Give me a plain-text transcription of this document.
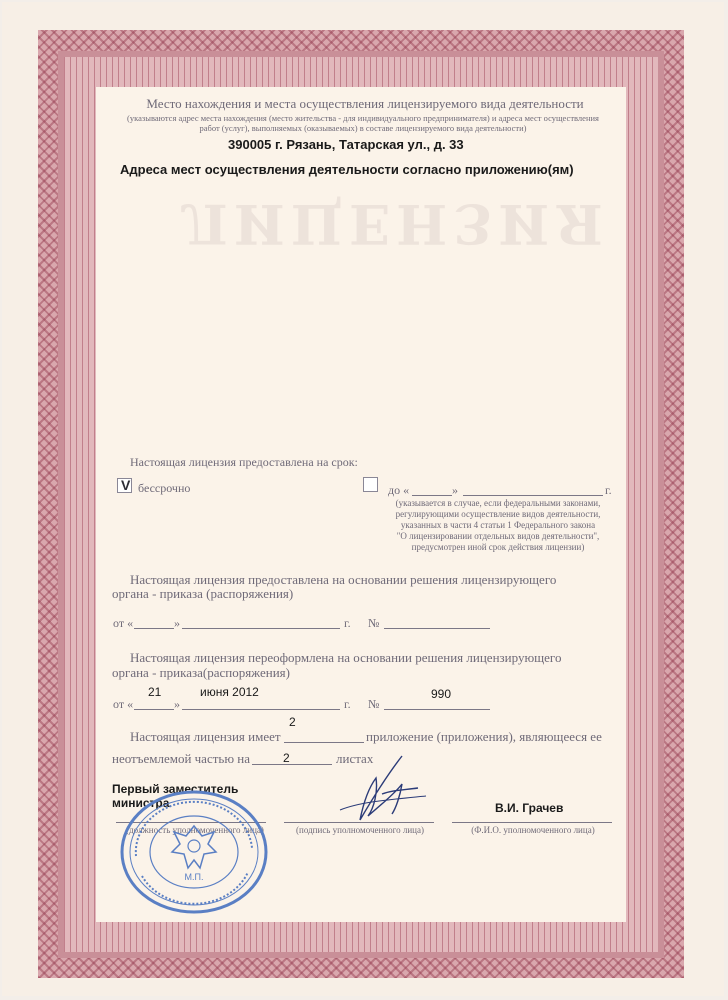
ЛИЦЕНЗИЯ
Место нахождения и места осуществления лицензируемого вида деятельности
(указываются адрес места нахождения (место жительства - для индивидуального предпринимателя) и адреса мест осуществления
работ (услуг), выполняемых (оказываемых) в составе лицензируемого вида деятельности)
390005 г. Рязань, Татарская ул., д. 33
Адреса мест осуществления деятельности согласно приложению(ям)
Настоящая лицензия предоставлена на срок:
V бессрочно	до «	»	г.
(указывается в случае, если федеральными законами,
регулирующими осуществление видов деятельности,
указанных в части 4 статьи 1 Федерального закона
"О лицензировании отдельных видов деятельности",
предусмотрен иной срок действия лицензии)
Настоящая лицензия предоставлена на основании решения лицензирующего
органа - приказа (распоряжения)
от «	»	г. №
Настоящая лицензия переоформлена на основании решения лицензирующего
органа - приказа(распоряжения)
21	июня 2012	990
от «	»	г. №
2
Настоящая лицензия имеет	приложение (приложения), являющееся ее
неотъемлемой частью на	2	листах
Первый заместитель
министра	В.И. Грачев
(должность уполномоченного лица)	(подпись уполномоченного лица)	(Ф.И.О. уполномоченного лица)
М.П.
